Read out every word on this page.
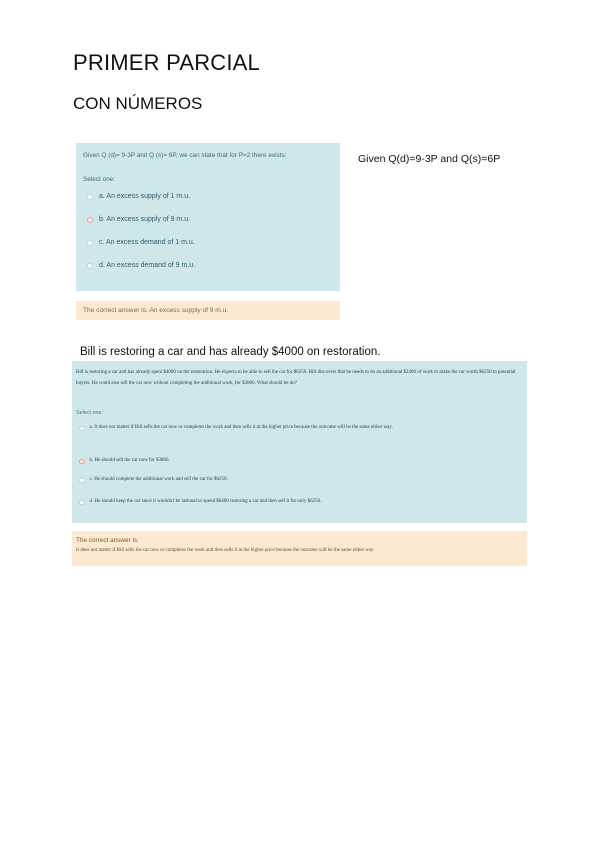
PRIMER PARCIAL
CON NÚMEROS
Given Q (d)= 9-3P and Q (s)= 6P, we can state that for P=2 there exists:
Select one:
a. An excess supply of 1 m.u.
b. An excess supply of 9 m.u.
c. An excess demand of 1 m.u.
d. An excess demand of 9 m.u.
The correct answer is: An excess supply of 9 m.u.
Given Q(d)=9-3P and Q(s)=6P
Bill is restoring a car and has already $4000 on restoration.
Bill is restoring a car and has already spent $4000 on the restoration. He expects to be able to sell the car for $6250. Bill discovers that he needs to do an additional $2400 of work to make the car worth $6250 to potential buyers. He could also sell the car now without completing the additional work, for $3800. What should he do?
Select one:
a. It does not matter if Bill sells the car now or completes the work and then sells it at the higher price because the outcome will be the same either way.
b. He should sell the car now for $3800.
c. He should complete the additional work and sell the car for $6250.
d. He should keep the car since it wouldn't be rational to spend $6400 restoring a car and then sell it for only $6250.
The correct answer is:
It does not matter if Bill sells the car now or completes the work and then sells it at the higher price because the outcome will be the same either way.
